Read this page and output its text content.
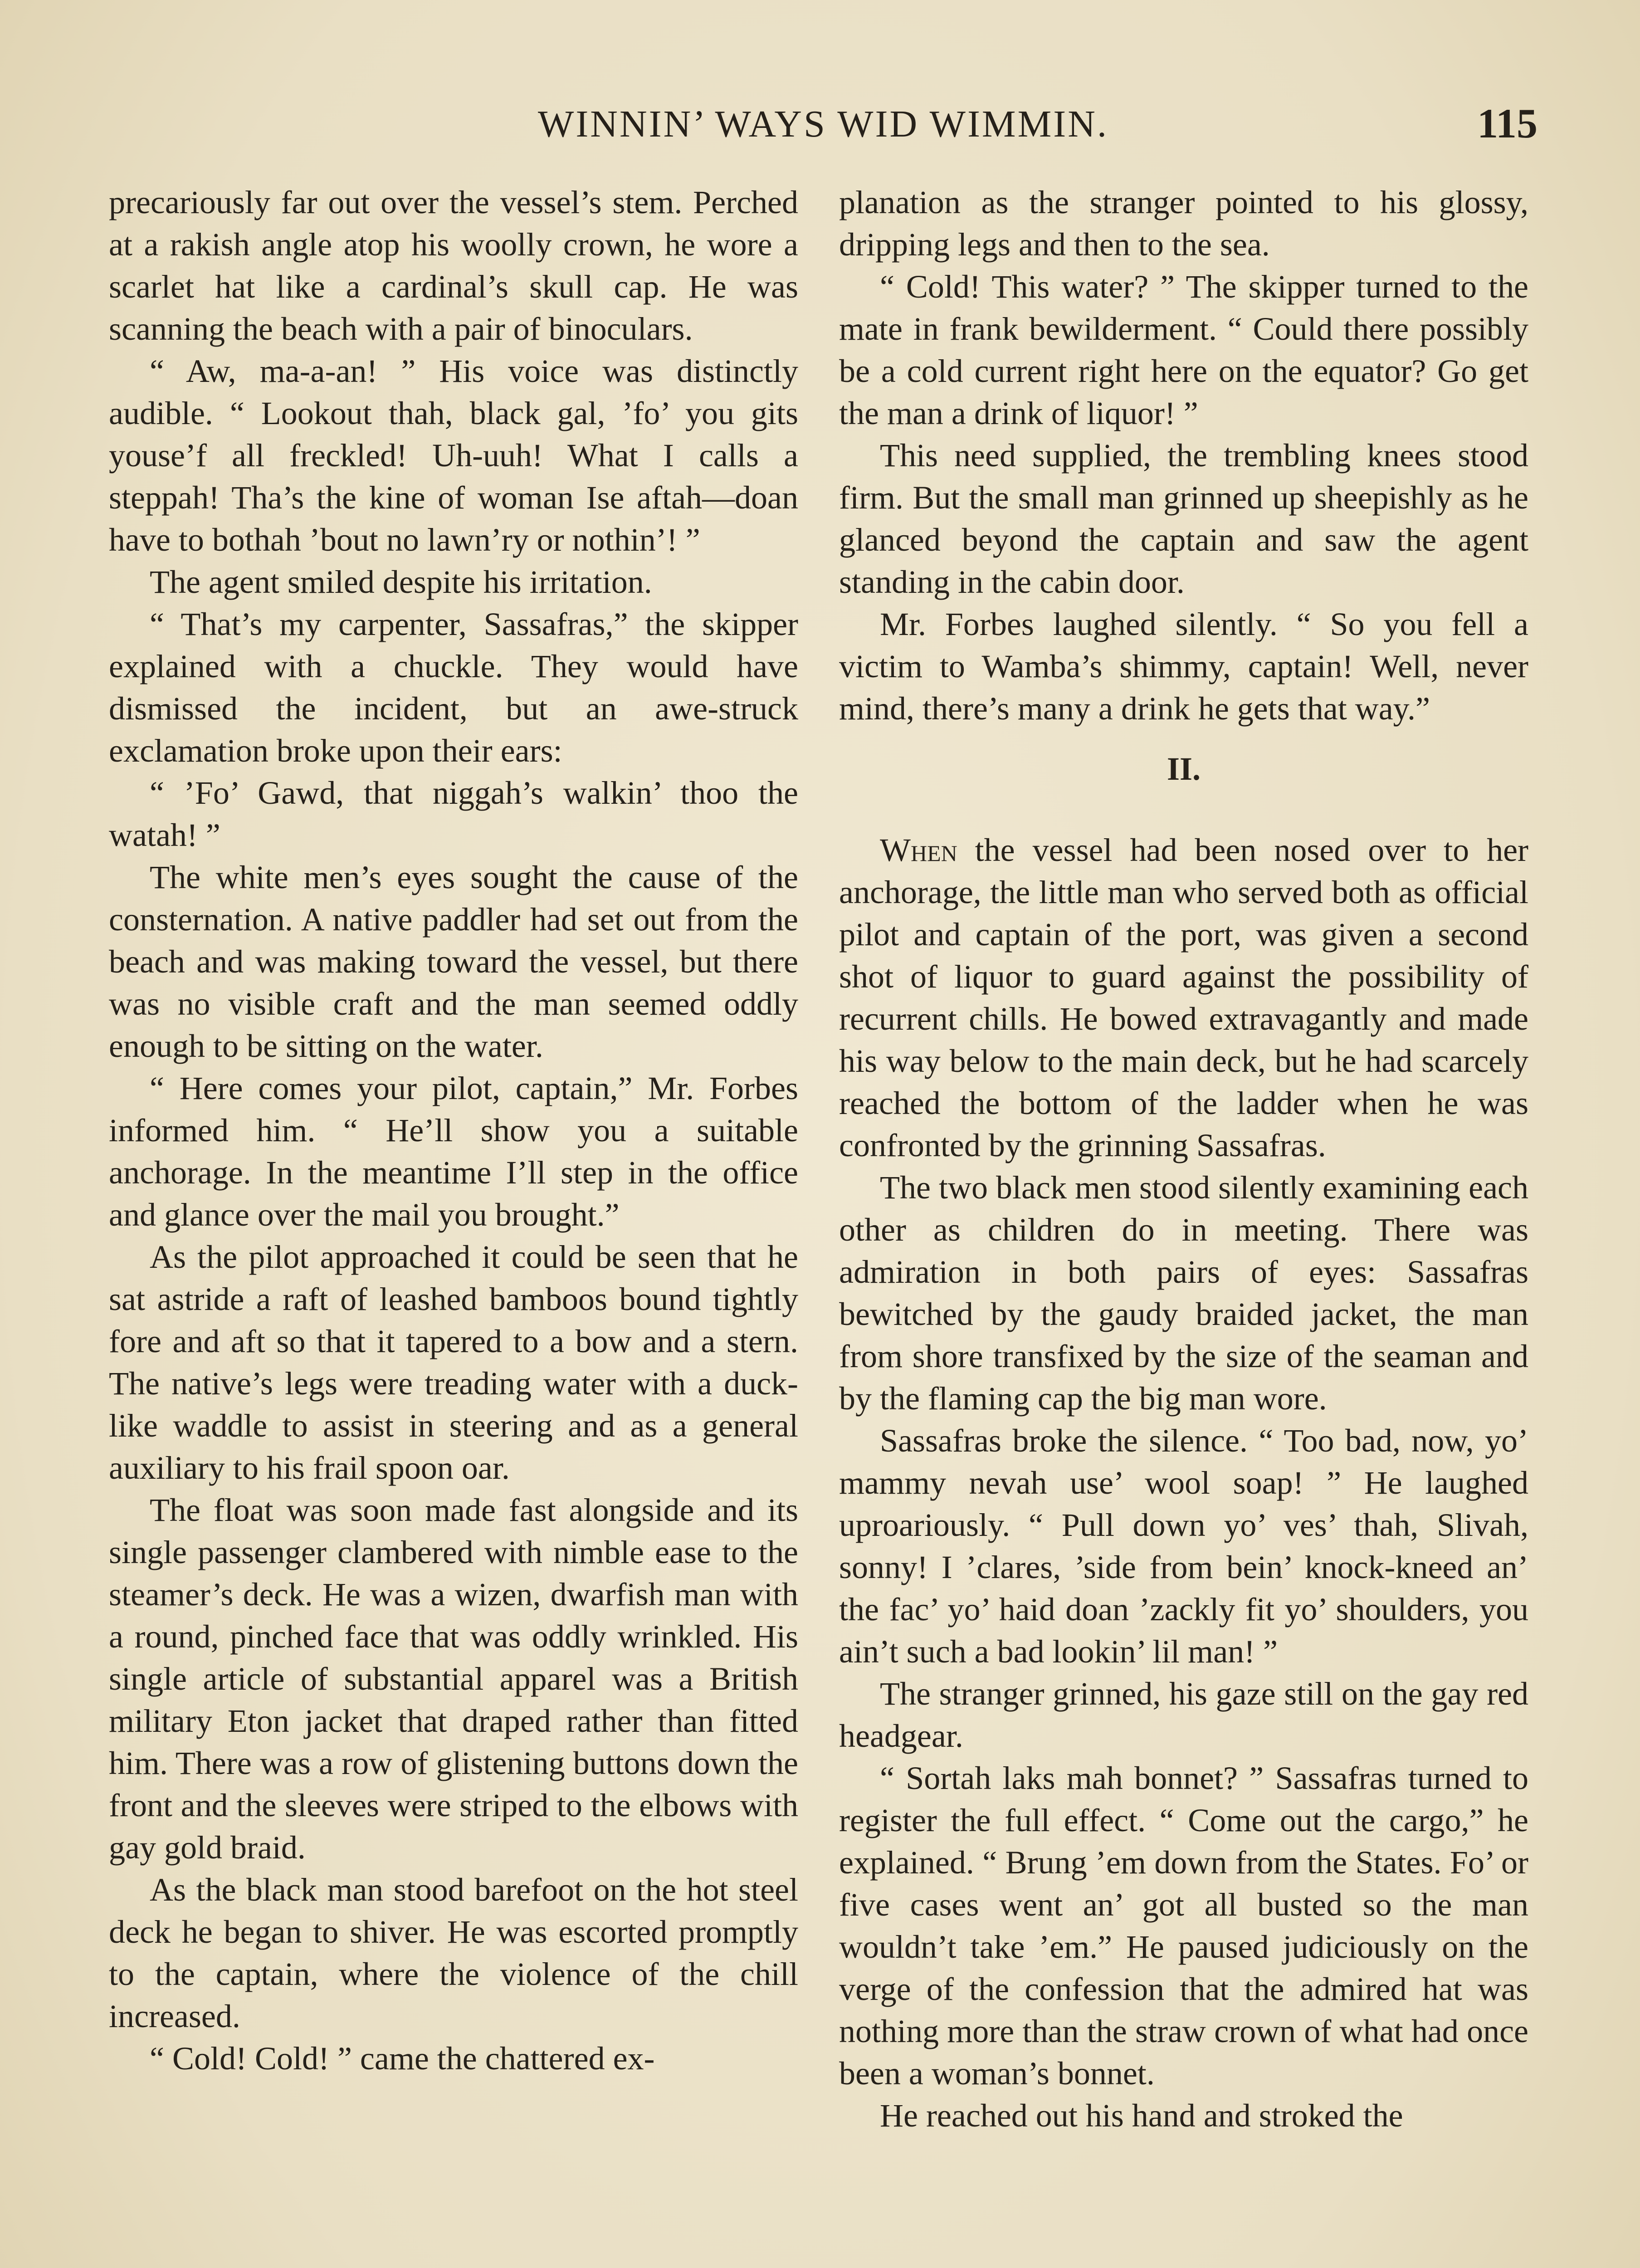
WINNIN’ WAYS WID WIMMIN.	115

precariously far out over the vessel’s stem. Perched at a rakish angle atop his woolly crown, he wore a scarlet hat like a cardinal’s skull cap. He was scanning the beach with a pair of binoculars.

“ Aw, ma-a-an! ” His voice was distinctly audible. “ Lookout thah, black gal, ’fo’ you gits youse’f all freckled! Uh-uuh! What I calls a steppah! Tha’s the kine of woman Ise aftah—doan have to bothah ’bout no lawn’ry or nothin’! ”

The agent smiled despite his irritation.

“ That’s my carpenter, Sassafras,” the skipper explained with a chuckle. They would have dismissed the incident, but an awe-struck exclamation broke upon their ears:

“ ’Fo’ Gawd, that niggah’s walkin’ thoo the watah! ”

The white men’s eyes sought the cause of the consternation. A native paddler had set out from the beach and was making toward the vessel, but there was no visible craft and the man seemed oddly enough to be sitting on the water.

“ Here comes your pilot, captain,” Mr. Forbes informed him. “ He’ll show you a suitable anchorage. In the meantime I’ll step in the office and glance over the mail you brought.”

As the pilot approached it could be seen that he sat astride a raft of leashed bamboos bound tightly fore and aft so that it tapered to a bow and a stern. The native’s legs were treading water with a duck-like waddle to assist in steering and as a general auxiliary to his frail spoon oar.

The float was soon made fast alongside and its single passenger clambered with nimble ease to the steamer’s deck. He was a wizen, dwarfish man with a round, pinched face that was oddly wrinkled. His single article of substantial apparel was a British military Eton jacket that draped rather than fitted him. There was a row of glistening buttons down the front and the sleeves were striped to the elbows with gay gold braid.

As the black man stood barefoot on the hot steel deck he began to shiver. He was escorted promptly to the captain, where the violence of the chill increased.

“ Cold! Cold! ” came the chattered ex-

planation as the stranger pointed to his glossy, dripping legs and then to the sea.

“ Cold! This water? ” The skipper turned to the mate in frank bewilderment. “ Could there possibly be a cold current right here on the equator? Go get the man a drink of liquor! ”

This need supplied, the trembling knees stood firm. But the small man grinned up sheepishly as he glanced beyond the captain and saw the agent standing in the cabin door.

Mr. Forbes laughed silently. “ So you fell a victim to Wamba’s shimmy, captain! Well, never mind, there’s many a drink he gets that way.”

II.

When the vessel had been nosed over to her anchorage, the little man who served both as official pilot and captain of the port, was given a second shot of liquor to guard against the possibility of recurrent chills. He bowed extravagantly and made his way below to the main deck, but he had scarcely reached the bottom of the ladder when he was confronted by the grinning Sassafras.

The two black men stood silently examining each other as children do in meeting. There was admiration in both pairs of eyes: Sassafras bewitched by the gaudy braided jacket, the man from shore transfixed by the size of the seaman and by the flaming cap the big man wore.

Sassafras broke the silence. “ Too bad, now, yo’ mammy nevah use’ wool soap! ” He laughed uproariously. “ Pull down yo’ ves’ thah, Slivah, sonny! I ’clares, ’side from bein’ knock-kneed an’ the fac’ yo’ haid doan ’zackly fit yo’ shoulders, you ain’t such a bad lookin’ lil man! ”

The stranger grinned, his gaze still on the gay red headgear.

“ Sortah laks mah bonnet? ” Sassafras turned to register the full effect. “ Come out the cargo,” he explained. “ Brung ’em down from the States. Fo’ or five cases went an’ got all busted so the man wouldn’t take ’em.” He paused judiciously on the verge of the confession that the admired hat was nothing more than the straw crown of what had once been a woman’s bonnet.

He reached out his hand and stroked the
